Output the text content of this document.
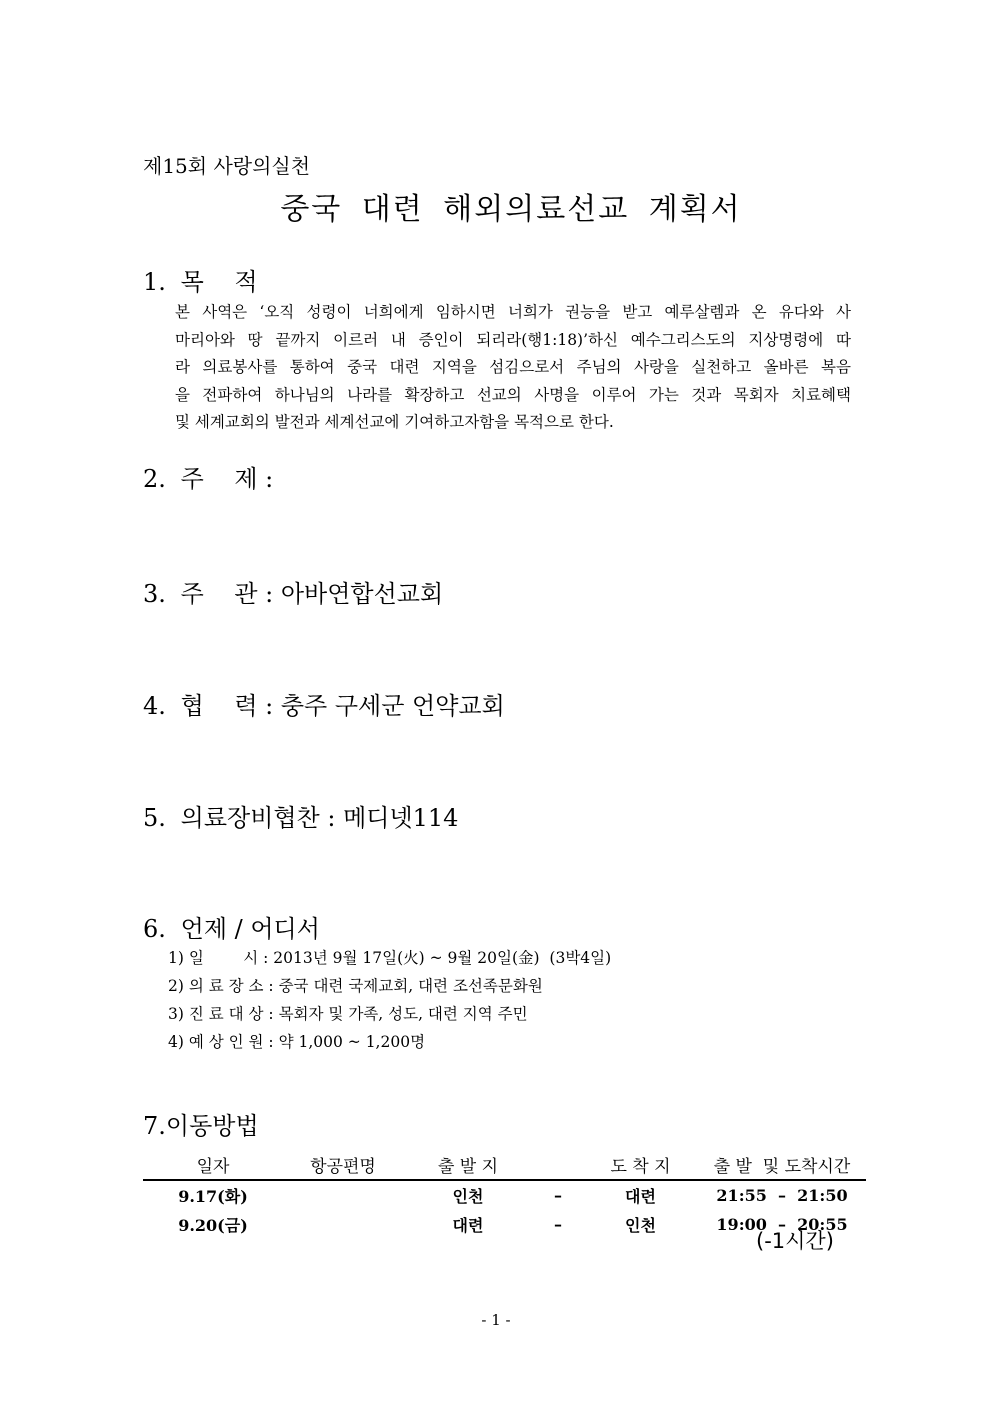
제15회 사랑의실천
중국 대련 해외의료선교 계획서
1. 목    적

본 사역은 ‘오직 성령이 너희에게 임하시면 너희가 권능을 받고 예루살렘과 온 유다와 사

마리아와 땅 끝까지 이르러 내 증인이 되리라(행1:18)’하신 예수그리스도의 지상명령에 따

라 의료봉사를 통하여 중국 대련 지역을 섬김으로서 주님의 사랑을 실천하고 올바른 복음

을 전파하여 하나님의 나라를 확장하고 선교의 사명을 이루어 가는 것과 목회자 치료혜택

및 세계교회의 발전과 세계선교에 기여하고자함을 목적으로 한다.

2. 주    제 :
3. 주    관 : 아바연합선교회
4. 협    력 : 충주 구세군 언약교회
5. 의료장비협찬 : 메디넷114
6. 언제 / 어디서
1) 일        시 : 2013년 9월 17일(火) ~ 9월 20일(金)  (3박4일)
2) 의 료 장 소 : 중국 대련 국제교회, 대련 조선족문화원
3) 진 료 대 상 : 목회자 및 가족, 성도, 대련 지역 주민
4) 예 상 인 원 : 약 1,000 ~ 1,200명
7.이동방법
일자	항공편명	출 발 지		도 착 지	출 발  및 도착시간
9.17(화)		인천	–	대련	21:55  –  21:50
9.20(금)		대련	–	인천	19:00  –  20:55
(-1시간)
- 1 -
